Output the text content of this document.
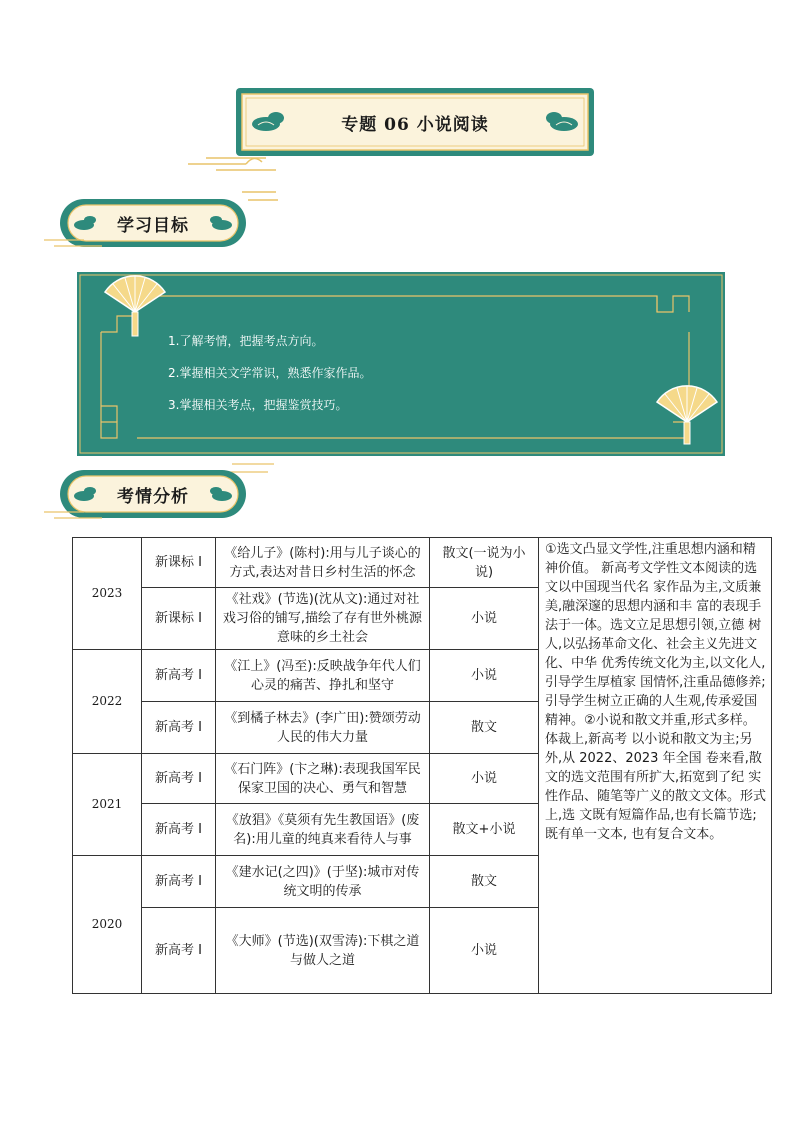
专题 06 小说阅读
学习目标
1.了解考情，把握考点方向。
2.掌握相关文学常识，熟悉作家作品。
3.掌握相关考点，把握鉴赏技巧。
考情分析
2023	新课标 I	《给儿子》(陈村):用与儿子谈心的方式,表达对昔日乡村生活的怀念	散文(一说为小说)	①选文凸显文学性,注重思想内涵和精神价值。 新高考文学性文本阅读的选文以中国现当代名 家作品为主,文质兼美,融深邃的思想内涵和丰 富的表现手法于一体。选文立足思想引领,立德 树人,以弘扬革命文化、社会主义先进文化、中华 优秀传统文化为主,以文化人,引导学生厚植家 国情怀,注重品德修养;引导学生树立正确的人生观,传承爱国精神。②小说和散文并重,形式多样。体裁上,新高考 以小说和散文为主;另外,从 2022、2023 年全国 卷来看,散文的选文范围有所扩大,拓宽到了纪 实性作品、随笔等广义的散文文体。形式上,选 文既有短篇作品,也有长篇节选;既有单一文本, 也有复合文本。
	新课标 I	《社戏》(节选)(沈从文):通过对社戏习俗的铺写,描绘了存有世外桃源意味的乡土社会	小说	
2022	新高考 I	《江上》(冯至):反映战争年代人们心灵的痛苦、挣扎和坚守	小说	
	新高考 I	《到橘子林去》(李广田):赞颂劳动人民的伟大力量	散文	
2021	新高考 I	《石门阵》(卞之琳):表现我国军民保家卫国的决心、勇气和智慧	小说	
	新高考 I	《放猖》《莫须有先生教国语》(废名):用儿童的纯真来看待人与事	散文+小说	
2020	新高考 I	《建水记(之四)》(于坚):城市对传统文明的传承	散文	
	新高考 I	《大师》(节选)(双雪涛):下棋之道与做人之道	小说	
